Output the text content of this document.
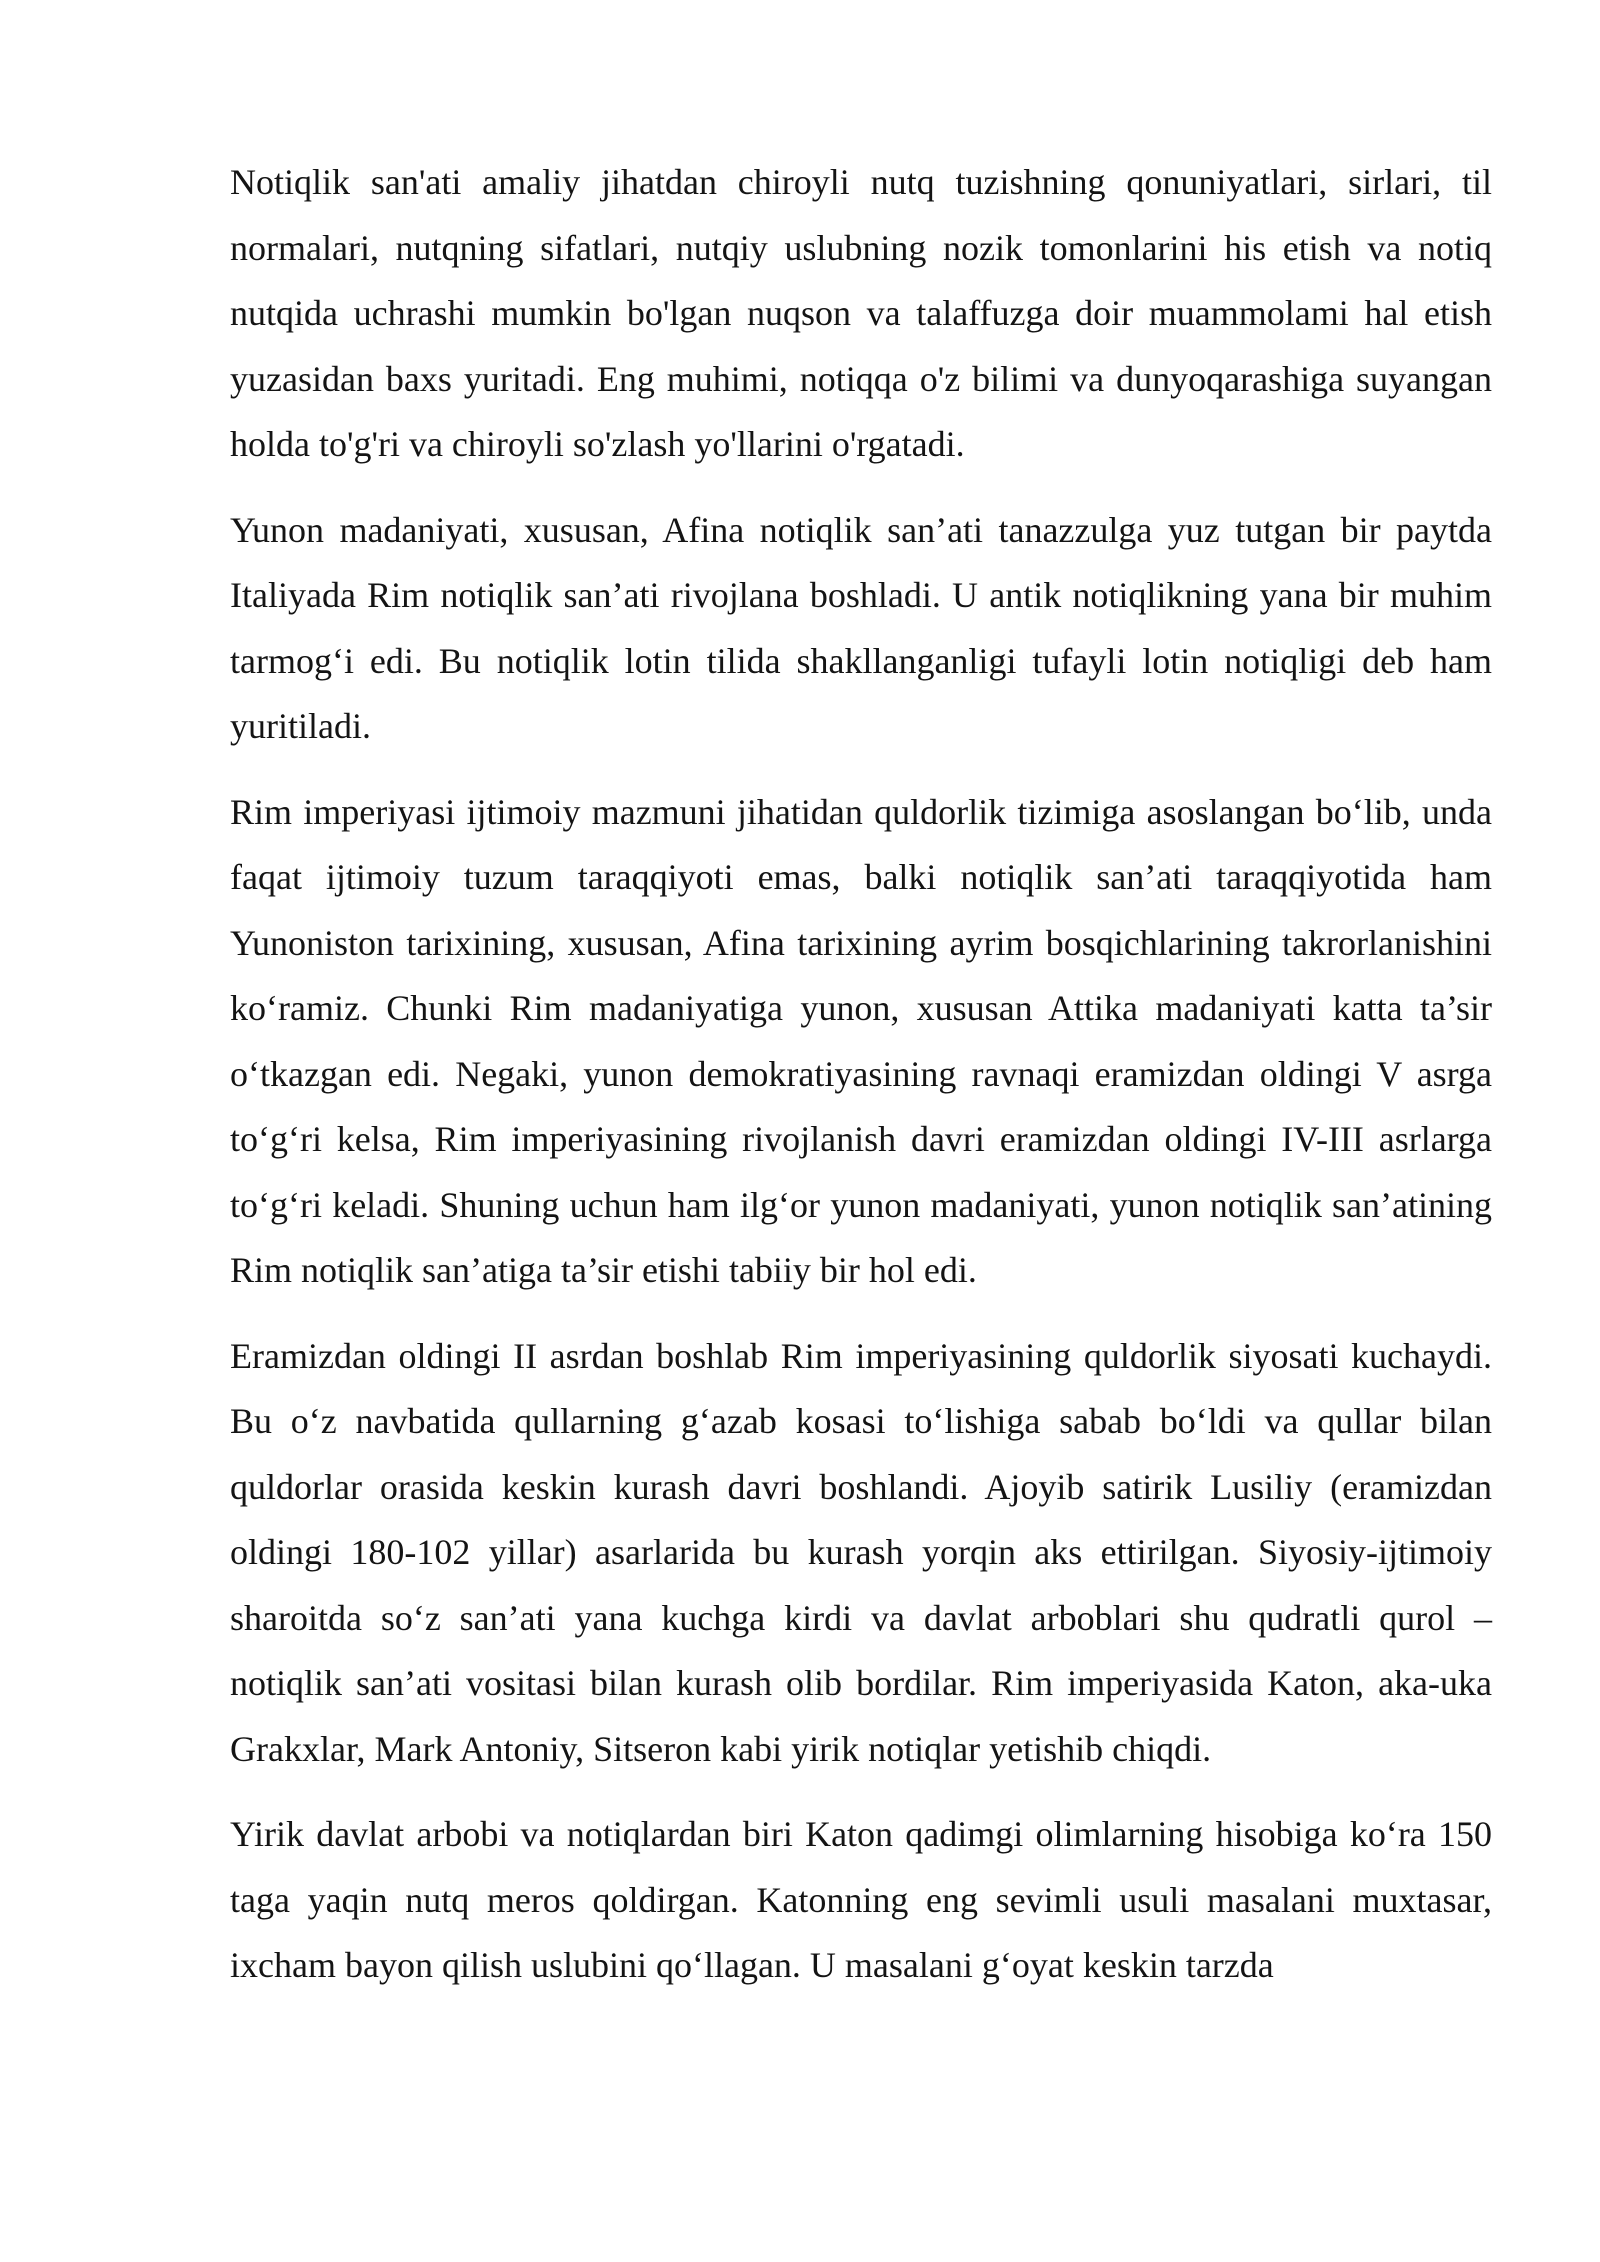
Notiqlik san'ati amaliy jihatdan chiroyli nutq tuzishning qonuniyatlari, sirlari, til normalari, nutqning sifatlari, nutqiy uslubning nozik tomonlarini his etish va notiq nutqida uchrashi mumkin bo'lgan nuqson va talaffuzga doir muammolami hal etish yuzasidan baxs yuritadi. Eng muhimi, notiqqa o'z bilimi va dunyoqarashiga suyangan holda to'g'ri va chiroyli so'zlash yo'llarini o'rgatadi.

Yunon madaniyati, xususan, Afina notiqlik san’ati tanazzulga yuz tutgan bir paytda Italiyada Rim notiqlik san’ati rivojlana boshladi. U antik notiqlikning yana bir muhim tarmog‘i edi. Bu notiqlik lotin tilida shakllanganligi tufayli lotin notiqligi deb ham yuritiladi.

Rim imperiyasi ijtimoiy mazmuni jihatidan quldorlik tizimiga asoslangan bo‘lib, unda faqat ijtimoiy tuzum taraqqiyoti emas, balki notiqlik san’ati taraqqiyotida ham Yunoniston tarixining, xususan, Afina tarixining ayrim bosqichlarining takrorlanishini ko‘ramiz. Chunki Rim madaniyatiga yunon, xususan Attika madaniyati katta ta’sir o‘tkazgan edi. Negaki, yunon demokratiyasining ravnaqi eramizdan oldingi V asrga to‘g‘ri kelsa, Rim imperiyasining rivojlanish davri eramizdan oldingi IV-III asrlarga to‘g‘ri keladi. Shuning uchun ham ilg‘or yunon madaniyati, yunon notiqlik san’atining Rim notiqlik san’atiga ta’sir etishi tabiiy bir hol edi.

Eramizdan oldingi II asrdan boshlab Rim imperiyasining quldorlik siyosati kuchaydi. Bu o‘z navbatida qullarning g‘azab kosasi to‘lishiga sabab bo‘ldi va qullar bilan quldorlar orasida keskin kurash davri boshlandi. Ajoyib satirik Lusiliy (eramizdan oldingi 180-102 yillar) asarlarida bu kurash yorqin aks ettirilgan. Siyosiy-ijtimoiy sharoitda so‘z san’ati yana kuchga kirdi va davlat arboblari shu qudratli qurol – notiqlik san’ati vositasi bilan kurash olib bordilar. Rim imperiyasida Katon, aka-uka Grakxlar, Mark Antoniy, Sitseron kabi yirik notiqlar yetishib chiqdi.

Yirik davlat arbobi va notiqlardan biri Katon qadimgi olimlarning hisobiga ko‘ra 150 taga yaqin nutq meros qoldirgan. Katonning eng sevimli usuli masalani muxtasar, ixcham bayon qilish uslubini qo‘llagan. U masalani g‘oyat keskin tarzda
